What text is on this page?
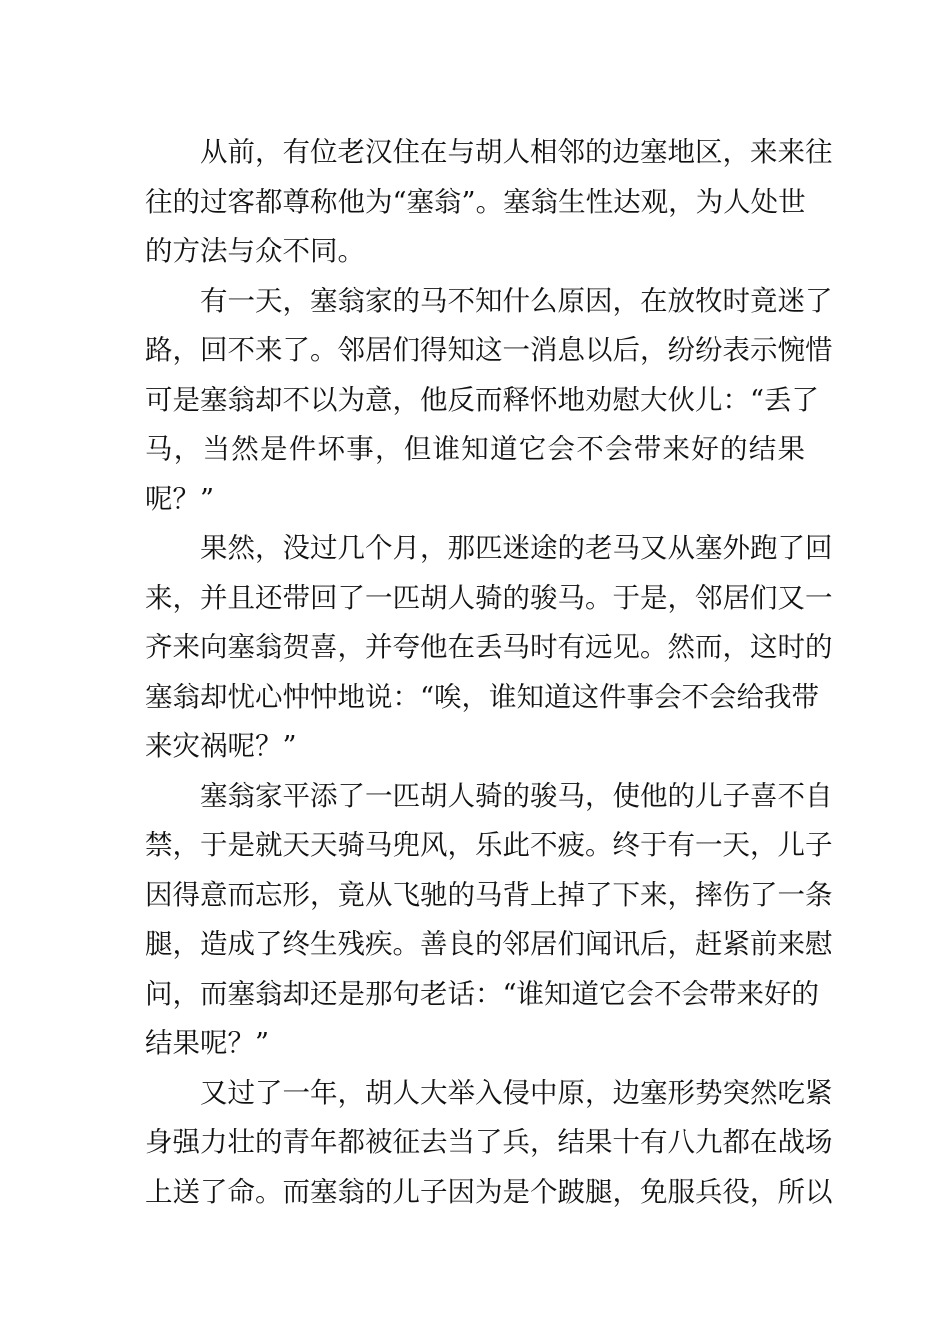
从前，有位老汉住在与胡人相邻的边塞地区，来来往
往的过客都尊称他为“塞翁”。塞翁生性达观，为人处世
的方法与众不同。
有一天，塞翁家的马不知什么原因，在放牧时竟迷了
路，回不来了。邻居们得知这一消息以后，纷纷表示惋惜
可是塞翁却不以为意，他反而释怀地劝慰大伙儿：“丢了
马，当然是件坏事，但谁知道它会不会带来好的结果
呢？”
果然，没过几个月，那匹迷途的老马又从塞外跑了回
来，并且还带回了一匹胡人骑的骏马。于是，邻居们又一
齐来向塞翁贺喜，并夸他在丢马时有远见。然而，这时的
塞翁却忧心忡忡地说：“唉，谁知道这件事会不会给我带
来灾祸呢？”
塞翁家平添了一匹胡人骑的骏马，使他的儿子喜不自
禁，于是就天天骑马兜风，乐此不疲。终于有一天，儿子
因得意而忘形，竟从飞驰的马背上掉了下来，摔伤了一条
腿，造成了终生残疾。善良的邻居们闻讯后，赶紧前来慰
问，而塞翁却还是那句老话：“谁知道它会不会带来好的
结果呢？”
又过了一年，胡人大举入侵中原，边塞形势突然吃紧
身强力壮的青年都被征去当了兵，结果十有八九都在战场
上送了命。而塞翁的儿子因为是个跛腿，免服兵役，所以
